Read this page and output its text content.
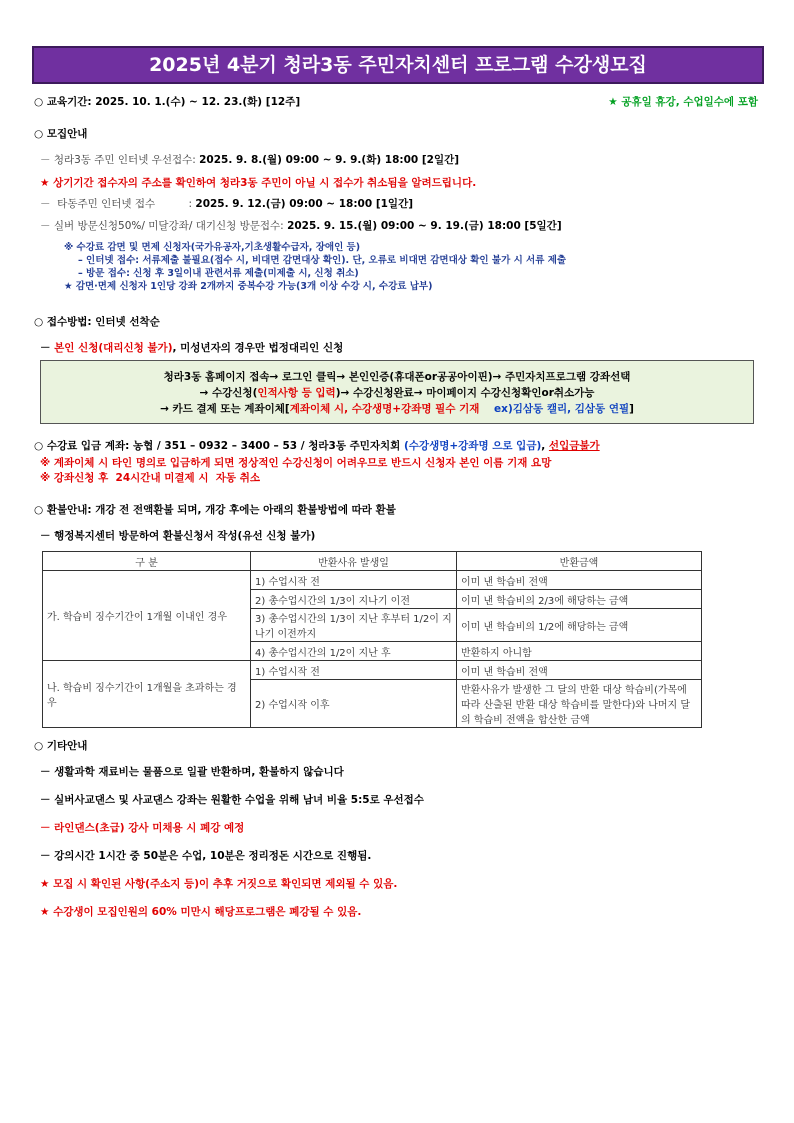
2025년 4분기 청라3동 주민자치센터 프로그램 수강생모집
○ 교육기간: 2025. 10. 1.(수) ~ 12. 23.(화) [12주]	★ 공휴일 휴강, 수업일수에 포함
○ 모집안내
－ 청라3동 주민 인터넷 우선접수: 2025. 9. 8.(월) 09:00 ~ 9. 9.(화) 18:00 [2일간]
★ 상기기간 접수자의 주소를 확인하여 청라3동 주민이 아닐 시 접수가 취소됨을 알려드립니다.
－  타동주민 인터넷 접수          : 2025. 9. 12.(금) 09:00 ~ 18:00 [1일간]
－ 실버 방문신청50%/ 미달강좌/ 대기신청 방문접수: 2025. 9. 15.(월) 09:00 ~ 9. 19.(금) 18:00 [5일간]
※ 수강료 감면 및 면제 신청자(국가유공자,기초생활수급자, 장애인 등)
– 인터넷 접수: 서류제출 불필요(접수 시, 비대면 감면대상 확인). 단, 오류로 비대면 감면대상 확인 불가 시 서류 제출
– 방문 접수: 신청 후 3일이내 관련서류 제출(미제출 시, 신청 취소)
★ 감면·면제 신청자 1인당 강좌 2개까지 중복수강 가능(3개 이상 수강 시, 수강료 납부)
○ 접수방법: 인터넷 선착순
－ 본인 신청(대리신청 불가), 미성년자의 경우만 법정대리인 신청
청라3동 홈페이지 접속→ 로그인 클릭→ 본인인증(휴대폰or공공아이핀)→ 주민자치프로그램 강좌선택
→ 수강신청(인적사항 등 입력)→ 수강신청완료→ 마이페이지 수강신청확인or취소가능
→ 카드 결제 또는 계좌이체[계좌이체 시, 수강생명+강좌명 필수 기재    ex)김삼동 캘리, 김삼동 연필]
○ 수강료 입금 계좌: 농협 / 351 – 0932 – 3400 – 53 / 청라3동 주민자치회 (수강생명+강좌명 으로 입금), 선입금불가
※ 계좌이체 시 타인 명의로 입금하게 되면 정상적인 수강신청이 어려우므로 반드시 신청자 본인 이름 기재 요망
※ 강좌신청 후  24시간내 미결제 시  자동 취소
○ 환불안내: 개강 전 전액환불 되며, 개강 후에는 아래의 환불방법에 따라 환불
－ 행정복지센터 방문하여 환불신청서 작성(유선 신청 불가)
구 분	반환사유 발생일	반환금액
가. 학습비 징수기간이 1개월 이내인 경우	1) 수업시작 전	이미 낸 학습비 전액
	2) 총수업시간의 1/3이 지나기 이전	이미 낸 학습비의 2/3에 해당하는 금액
	3) 총수업시간의 1/3이 지난 후부터 1/2이 지나기 이전까지	이미 낸 학습비의 1/2에 해당하는 금액
	4) 총수업시간의 1/2이 지난 후	반환하지 아니함
나. 학습비 징수기간이 1개월을 초과하는 경우	1) 수업시작 전	이미 낸 학습비 전액
	2) 수업시작 이후	반환사유가 발생한 그 달의 반환 대상 학습비(가목에 따라 산출된 반환 대상 학습비를 말한다)와 나머지 달의 학습비 전액을 합산한 금액
○ 기타안내
－ 생활과학 재료비는 물품으로 일괄 반환하며, 환불하지 않습니다
－ 실버사교댄스 및 사교댄스 강좌는 원활한 수업을 위해 남녀 비율 5:5로 우선접수
－ 라인댄스(초급) 강사 미채용 시 폐강 예정
－ 강의시간 1시간 중 50분은 수업, 10분은 정리정돈 시간으로 진행됨.
★ 모집 시 확인된 사항(주소지 등)이 추후 거짓으로 확인되면 제외될 수 있음.
★ 수강생이 모집인원의 60% 미만시 해당프로그램은 폐강될 수 있음.
